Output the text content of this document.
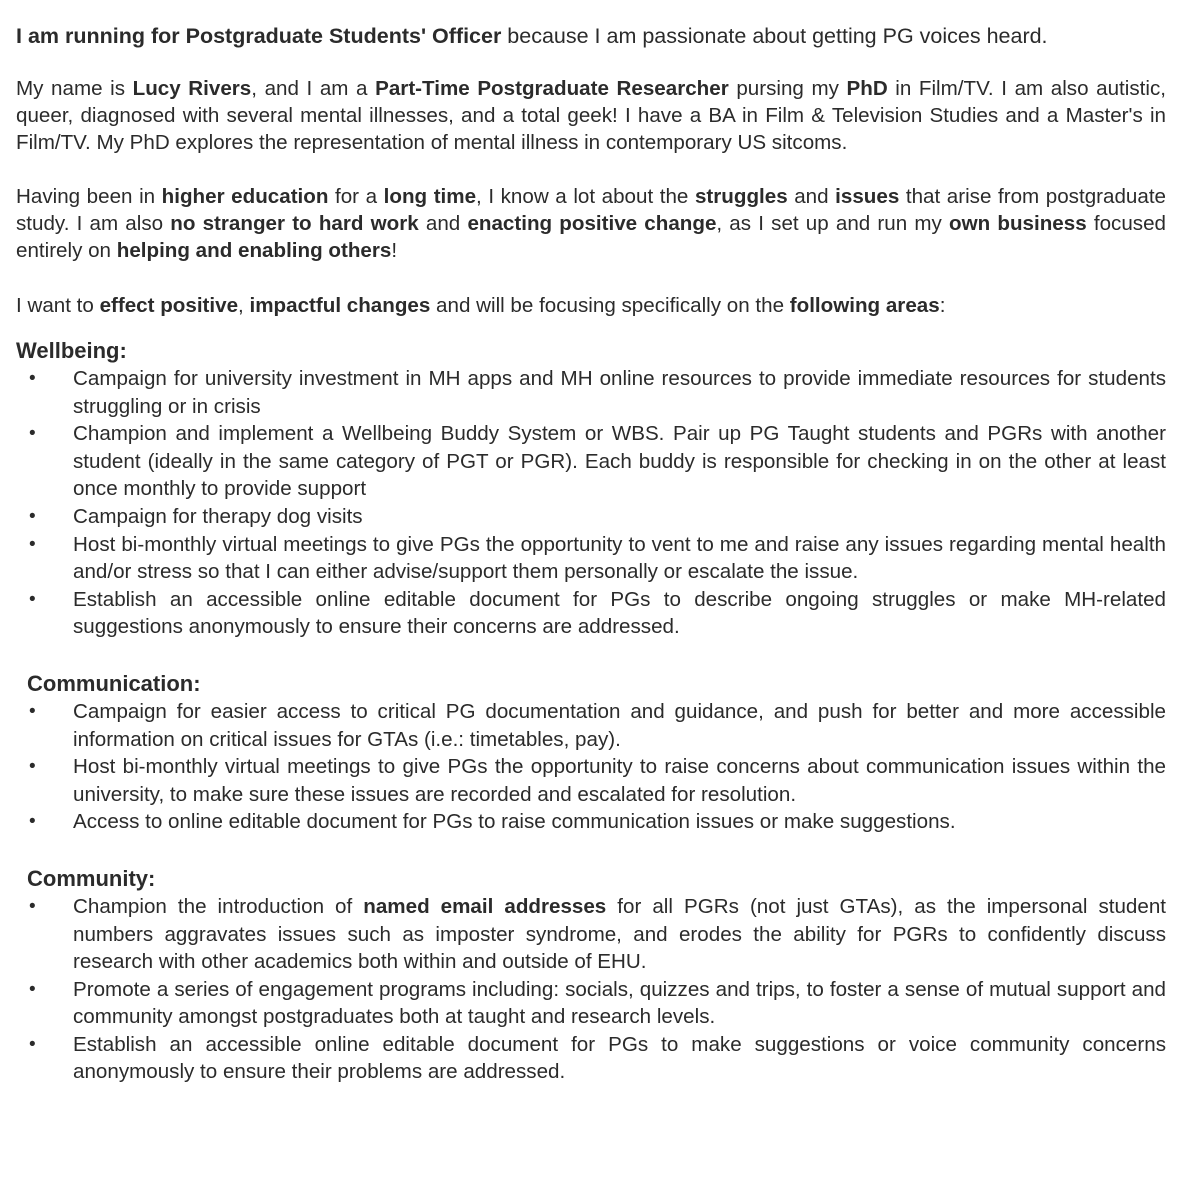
I am running for Postgraduate Students' Officer because I am passionate about getting PG voices heard.

My name is Lucy Rivers, and I am a Part-Time Postgraduate Researcher pursing my PhD in Film/TV. I am also autistic, queer, diagnosed with several mental illnesses, and a total geek! I have a BA in Film & Television Studies and a Master's in Film/TV. My PhD explores the representation of mental illness in contemporary US sitcoms.

Having been in higher education for a long time, I know a lot about the struggles and issues that arise from postgraduate study. I am also no stranger to hard work and enacting positive change, as I set up and run my own business focused entirely on helping and enabling others!

I want to effect positive, impactful changes and will be focusing specifically on the following areas:

Wellbeing:
•	Campaign for university investment in MH apps and MH online resources to provide immediate resources for students struggling or in crisis
•	Champion and implement a Wellbeing Buddy System or WBS. Pair up PG Taught students and PGRs with another student (ideally in the same category of PGT or PGR). Each buddy is responsible for checking in on the other at least once monthly to provide support
•	Campaign for therapy dog visits
•	Host bi-monthly virtual meetings to give PGs the opportunity to vent to me and raise any issues regarding mental health and/or stress so that I can either advise/support them personally or escalate the issue.
•	Establish an accessible online editable document for PGs to describe ongoing struggles or make MH-related suggestions anonymously to ensure their concerns are addressed.
Communication:
•	Campaign for easier access to critical PG documentation and guidance, and push for better and more accessible information on critical issues for GTAs (i.e.: timetables, pay).
•	Host bi-monthly virtual meetings to give PGs the opportunity to raise concerns about communication issues within the university, to make sure these issues are recorded and escalated for resolution.
•	Access to online editable document for PGs to raise communication issues or make suggestions.
Community:
•	Champion the introduction of named email addresses for all PGRs (not just GTAs), as the impersonal student numbers aggravates issues such as imposter syndrome, and erodes the ability for PGRs to confidently discuss research with other academics both within and outside of EHU.
•	Promote a series of engagement programs including: socials, quizzes and trips, to foster a sense of mutual support and community amongst postgraduates both at taught and research levels.
•	Establish an accessible online editable document for PGs to make suggestions or voice community concerns anonymously to ensure their problems are addressed.
